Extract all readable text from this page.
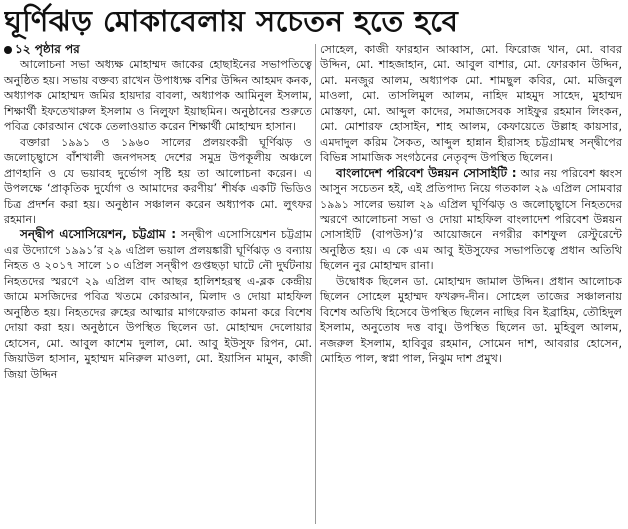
ঘূর্ণিঝড় মোকাবেলায় সচেতন হতে হবে

১২ পৃষ্ঠার পর

আলোচনা সভা অধ্যক্ষ মোহাম্মদ জাকের হোছাইনের সভাপতিত্বে অনুষ্ঠিত হয়। সভায় বক্তব্য রাখেন উপাধ্যক্ষ বশির উদ্দিন আহমদ কনক, অধ্যাপক মোহাম্মদ জমির হায়দার বাবলা, অধ্যাপক আমিনুল ইসলাম, শিক্ষার্থী ইফতেখারুল ইসলাম ও নিলুফা ইয়াছমিন। অনুষ্ঠানের শুরুতে পবিত্র কোরআন থেকে তেলাওয়াত করেন শিক্ষার্থী মোহাম্মদ হাসান।

বক্তারা ১৯৯১ ও ১৯৬০ সালের প্রলয়ংকরী ঘূর্ণিঝড় ও জলোচ্ছ্বাসে বাঁশখালী জনপদসহ দেশের সমুদ্র উপকূলীয় অঞ্চলে প্রাণহানি ও যে ভয়াবহ দুর্ভোগ সৃষ্টি হয় তা আলোচনা করেন। এ উপলক্ষে ‘প্রাকৃতিক দুর্যোগ ও আমাদের করণীয়’ শীর্ষক একটি ভিডিও চিত্র প্রদর্শন করা হয়। অনুষ্ঠান সঞ্চালন করেন অধ্যাপক মো. লুৎফর রহমান।

সন্দ্বীপ এসোসিয়েশন, চট্টগ্রাম : সন্দ্বীপ এসোসিয়েশন চট্টগ্রাম এর উদ্যোগে ১৯৯১’র ২৯ এপ্রিল ভয়াল প্রলয়ঙ্কারী ঘূর্ণিঝড় ও বন্যায় নিহত ও ২০১৭ সালে ১০ এপ্রিল সন্দ্বীপ গুপ্তছড়া ঘাটে নৌ দুর্ঘটনায় নিহতদের স্মরণে ২৯ এপ্রিল বাদ আছর হালিশহরস্থ এ-ব্লক কেন্দ্রীয় জামে মসজিদের পবিত্র খতমে কোরআন, মিলাদ ও দোয়া মাহফিল অনুষ্ঠিত হয়। নিহতদের রুহের আত্মার মাগফেরাত কামনা করে বিশেষ দোয়া করা হয়। অনুষ্ঠানে উপস্থিত ছিলেন ডা. মোহাম্মদ দেলোয়ার হোসেন, মো. আবুল কাশেম দুলাল, মো. আবু ইউসুফ রিপন, মো. জিয়াউল হাসান, মুহাম্মদ মনিরুল মাওলা, মো. ইয়াসিন মামুন, কাজী জিয়া উদ্দিন

সোহেল, কাজী ফারহান আব্বাস, মো. ফিরোজ খান, মো. বাবর উদ্দিন, মো. শাহজাহান, মো. আবুল বাশার, মো. ফোরকান উদ্দিন, মো. মনজুর আলম, অধ্যাপক মো. শামছুল কবির, মো. মজিবুল মাওলা, মো. তাসলিমুল আলম, নাহিদ মাহমুদ সাহেদ, মুহাম্মদ মোস্তফা, মো. আব্দুল কাদের, সমাজসেবক সাইফুর রহমান লিংকন, মো. মোশারফ হোসাইন, শাহ আলম, কেফায়েতে উল্লাহ কায়সার, এমদাদুল করিম সৈকত, আব্দুল হান্নান হীরাসহ চট্টগ্রামস্থ সন্দ্বীপের বিভিন্ন সামাজিক সংগঠনের নেতৃবৃন্দ উপস্থিত ছিলেন।

বাংলাদেশ পরিবেশ উন্নয়ন সোসাইটি : আর নয় পরিবেশ ধ্বংস আসুন সচেতন হই, এই প্রতিপাদ্য নিয়ে গতকাল ২৯ এপ্রিল সোমবার ১৯৯১ সালের ভয়াল ২৯ এপ্রিল ঘূর্ণিঝড় ও জলোচ্ছ্বাসে নিহতদের স্মরণে আলোচনা সভা ও দোয়া মাহফিল বাংলাদেশ পরিবেশ উন্নয়ন সোসাইটি (বাপউস)’র আয়োজনে নগরীর কাশফুল রেস্টুরেন্টে অনুষ্ঠিত হয়। এ কে এম আবু ইউসুফের সভাপতিত্বে প্রধান অতিথি ছিলেন নুর মোহাম্মদ রানা।

উদ্বোধক ছিলেন ডা. মোহাম্মদ জামাল উদ্দিন। প্রধান আলোচক ছিলেন সোহেল মুহাম্মদ ফখরুদ-দীন। সোহেল তাজের সঞ্চালনায় বিশেষ অতিথি হিসেবে উপস্থিত ছিলেন নাছির বিন ইব্রাহিম, তৌহিদুল ইসলাম, অনুতোষ দত্ত বাবু। উপস্থিত ছিলেন ডা. মুহিবুল আলম, নজরুল ইসলাম, হাবিবুর রহমান, সোমেন দাশ, আবরার হোসেন, মোহিত পাল, স্বপ্না পাল, নিঝুম দাশ প্রমুখ।
